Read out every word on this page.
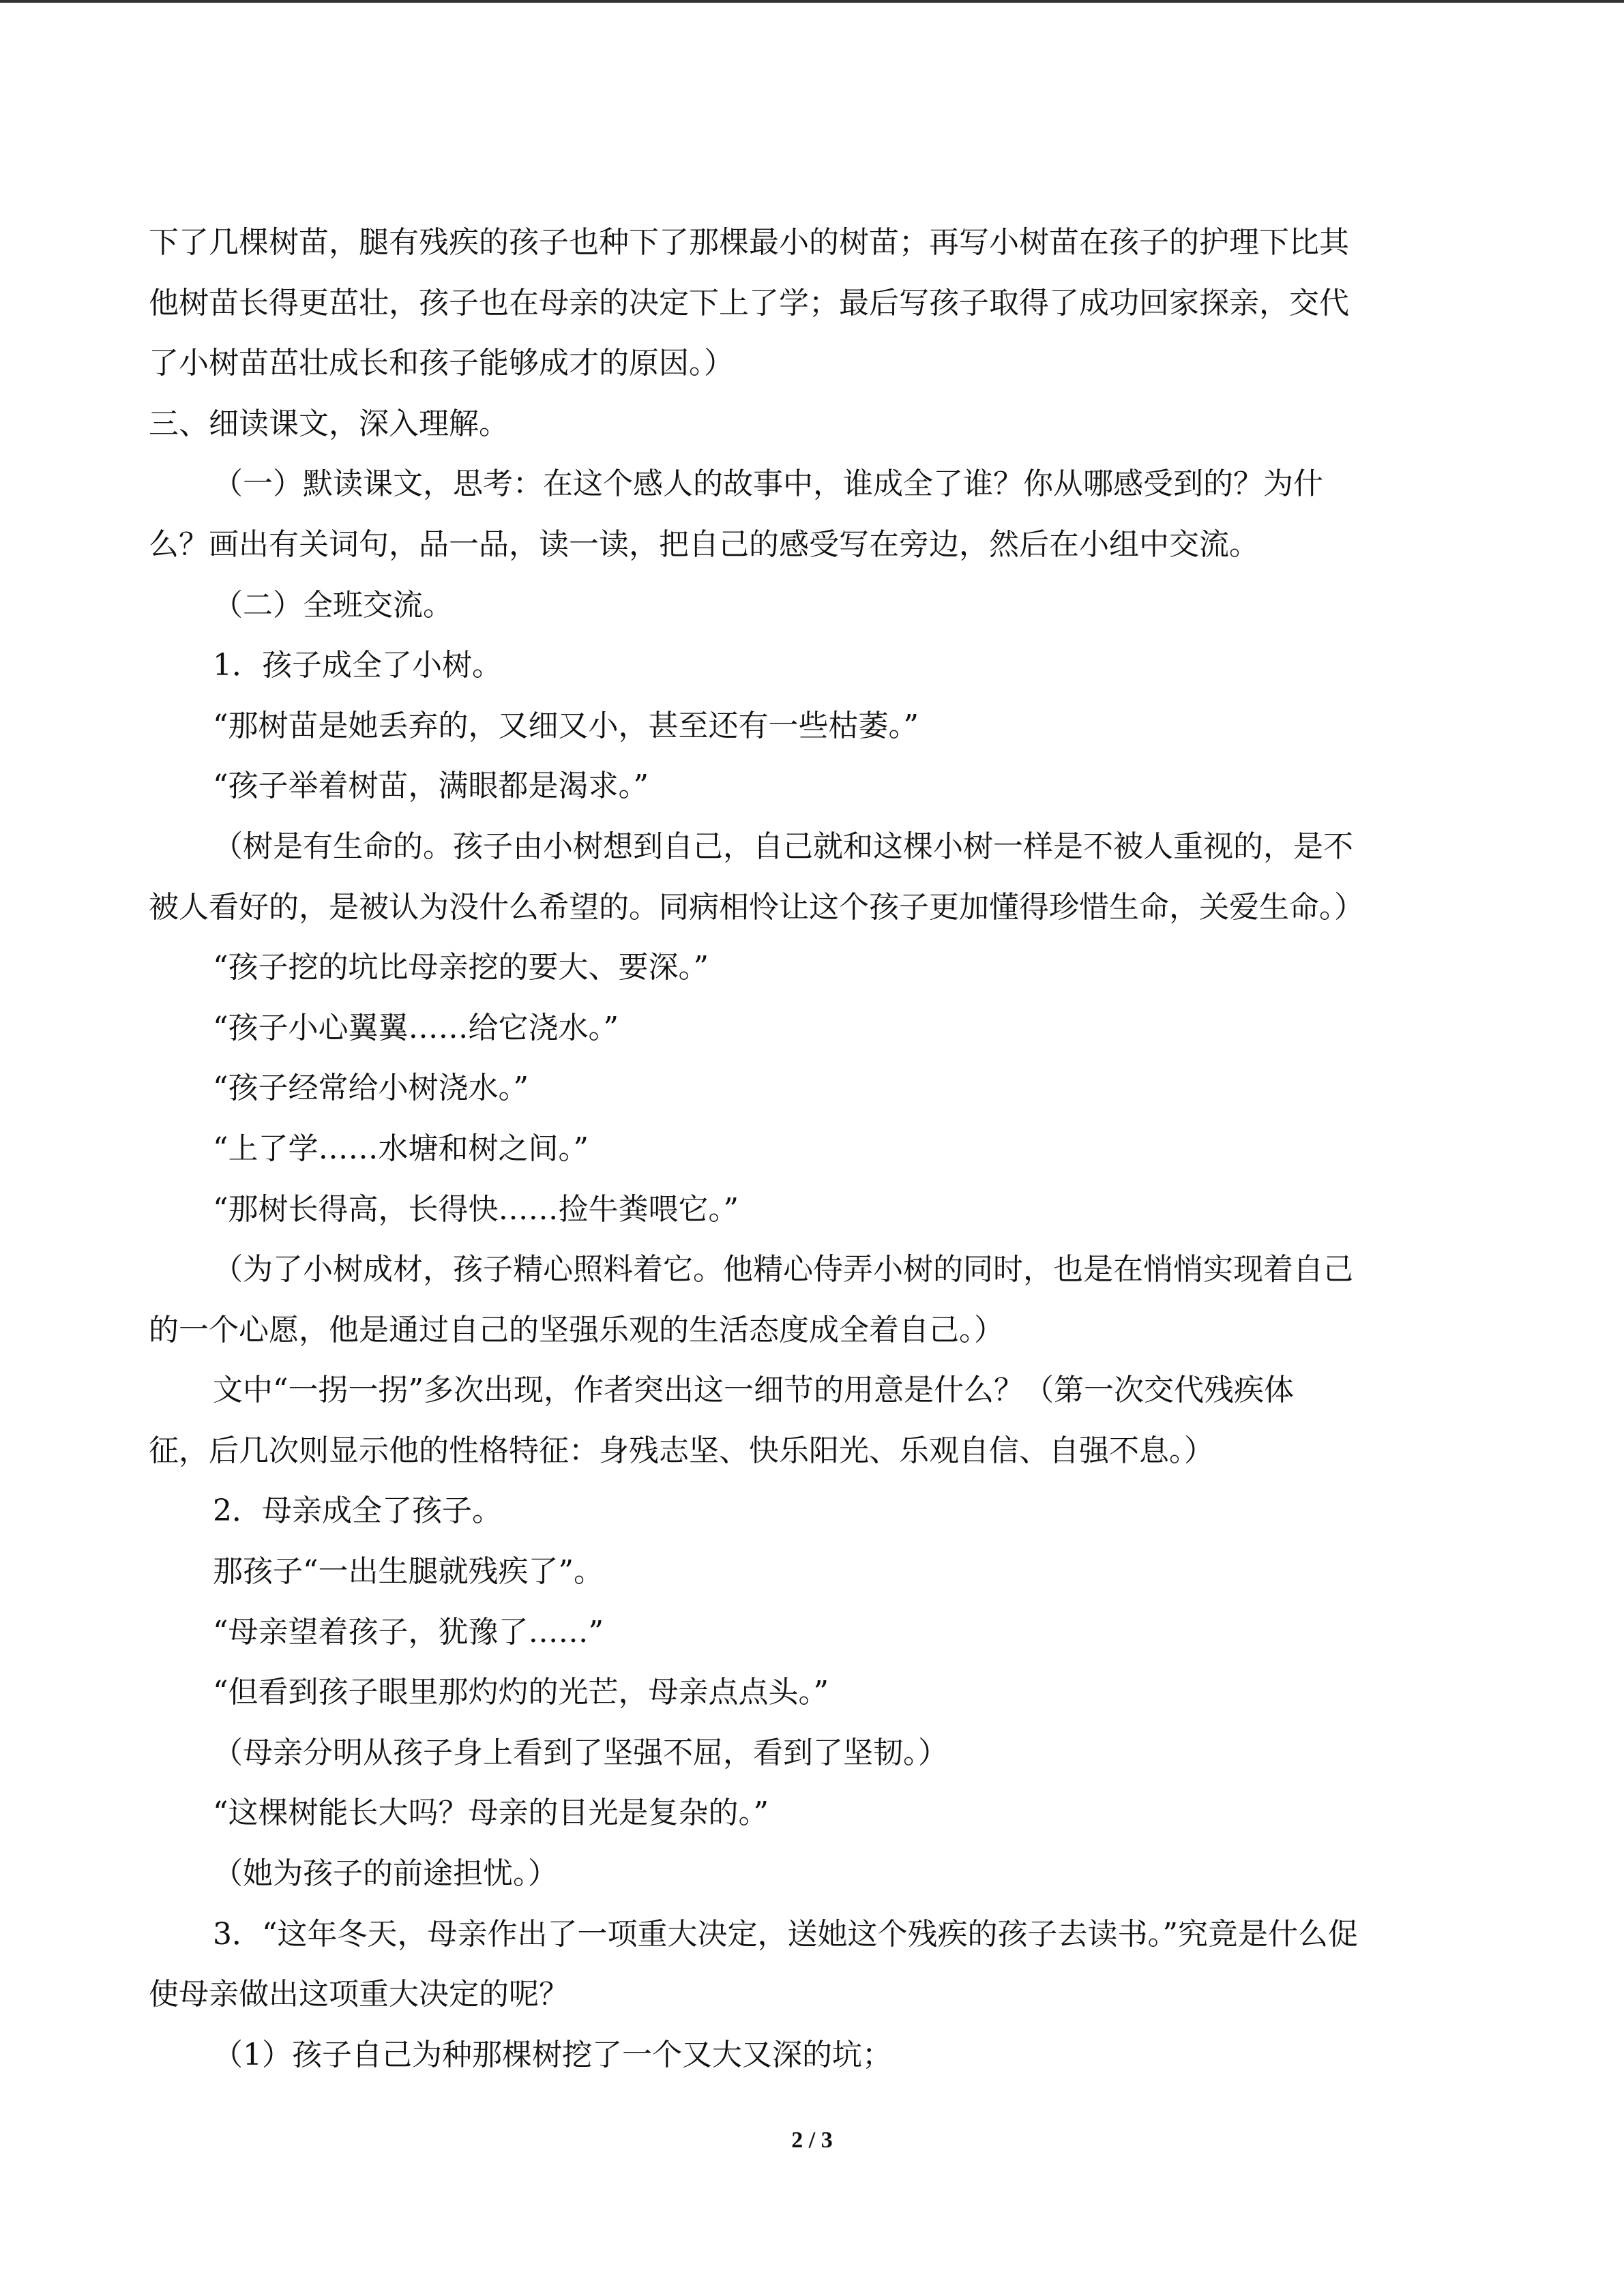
下了几棵树苗，腿有残疾的孩子也种下了那棵最小的树苗；再写小树苗在孩子的护理下比其
他树苗长得更茁壮，孩子也在母亲的决定下上了学；最后写孩子取得了成功回家探亲，交代
了小树苗茁壮成长和孩子能够成才的原因。）
三、细读课文，深入理解。
（一）默读课文，思考：在这个感人的故事中，谁成全了谁？你从哪感受到的？为什
么？画出有关词句，品一品，读一读，把自己的感受写在旁边，然后在小组中交流。
（二）全班交流。
1．孩子成全了小树。
“那树苗是她丢弃的，又细又小，甚至还有一些枯萎。”
“孩子举着树苗，满眼都是渴求。”
（树是有生命的。孩子由小树想到自己，自己就和这棵小树一样是不被人重视的，是不
被人看好的，是被认为没什么希望的。同病相怜让这个孩子更加懂得珍惜生命，关爱生命。）
“孩子挖的坑比母亲挖的要大、要深。”
“孩子小心翼翼……给它浇水。”
“孩子经常给小树浇水。”
“上了学……水塘和树之间。”
“那树长得高，长得快……捡牛粪喂它。”
（为了小树成材，孩子精心照料着它。他精心侍弄小树的同时，也是在悄悄实现着自己
的一个心愿，他是通过自己的坚强乐观的生活态度成全着自己。）
文中“一拐一拐”多次出现，作者突出这一细节的用意是什么？（第一次交代残疾体
征，后几次则显示他的性格特征：身残志坚、快乐阳光、乐观自信、自强不息。）
2．母亲成全了孩子。
那孩子“一出生腿就残疾了”。
“母亲望着孩子，犹豫了……”
“但看到孩子眼里那灼灼的光芒，母亲点点头。”
（母亲分明从孩子身上看到了坚强不屈，看到了坚韧。）
“这棵树能长大吗？母亲的目光是复杂的。”
（她为孩子的前途担忧。）
3．“这年冬天，母亲作出了一项重大决定，送她这个残疾的孩子去读书。”究竟是什么促
使母亲做出这项重大决定的呢？
（1）孩子自己为种那棵树挖了一个又大又深的坑；
2 / 3
